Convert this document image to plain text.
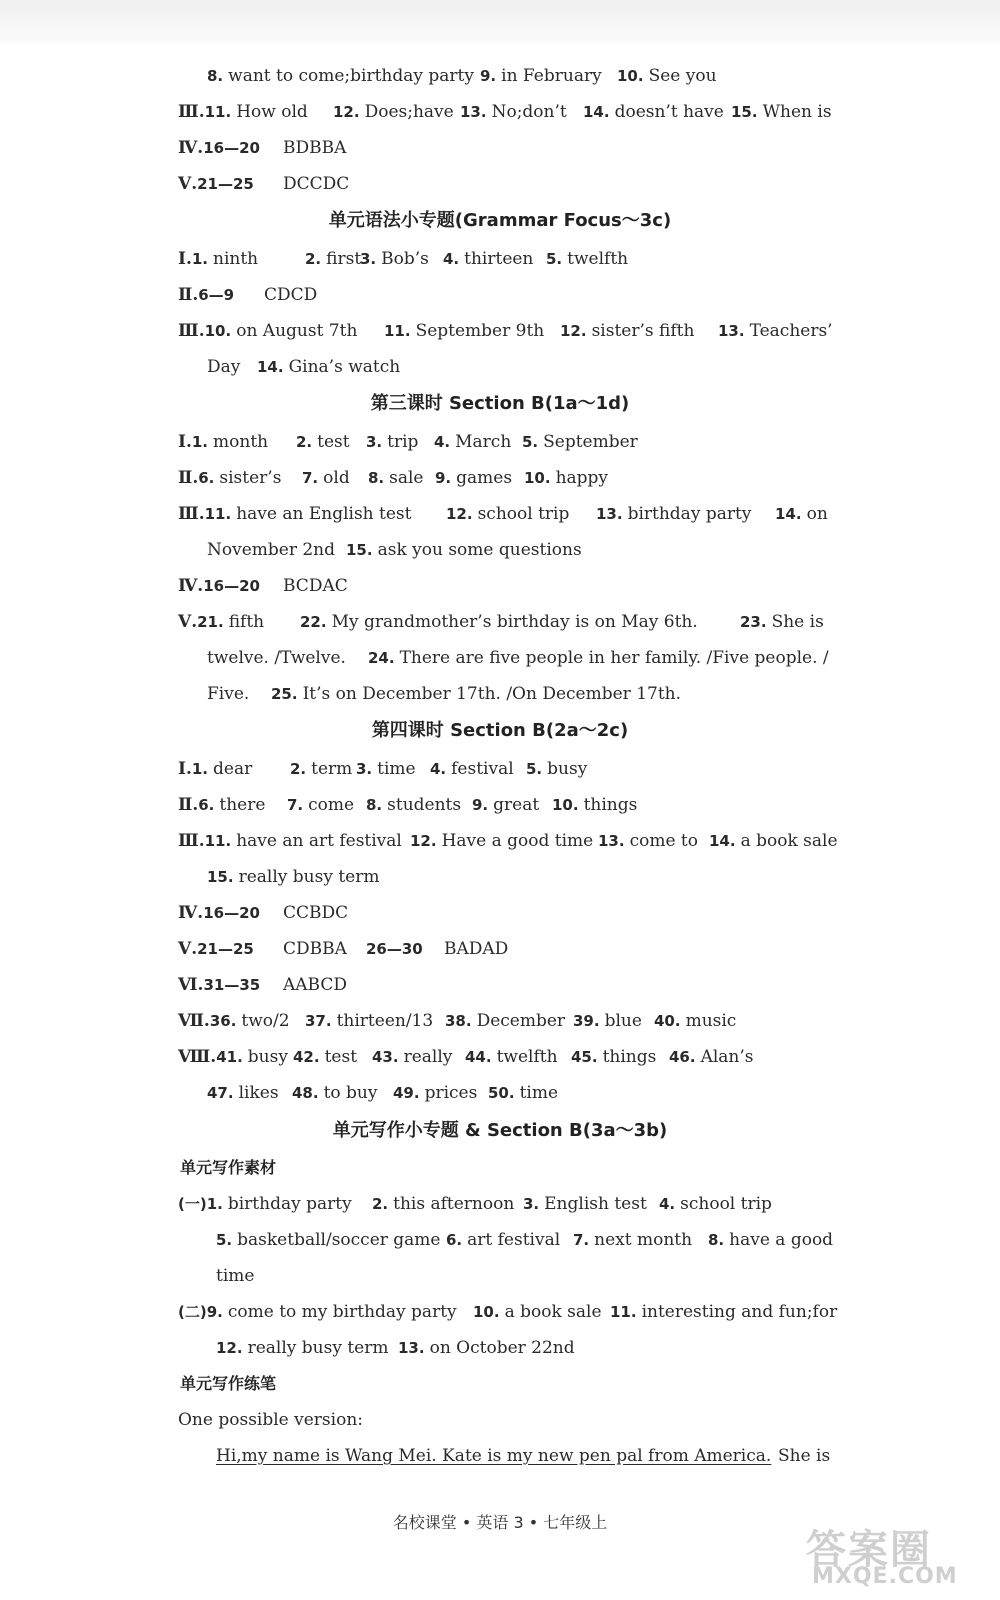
单元语法小专题(Grammar Focus～3c)
第三课时 Section B(1a～1d)
第四课时 Section B(2a～2c)
单元写作小专题 & Section B(3a～3b)
单元写作素材
单元写作练笔
8. want to come;birthday party 9. in February 10. See you
Ⅲ.11. How old 12. Does;have 13. No;don’t 14. doesn’t have 15. When is
Ⅳ.16—20 BDBBA
Ⅴ.21—25 DCCDC
Ⅰ.1. ninth	2. first
3. Bob’s 4. thirteen 5. twelfth
Ⅱ.6—9 CDCD
Ⅲ.10. on August 7th 11. September 9th 12. sister’s fifth 13. Teachers’
Day 14. Gina’s watch
Ⅰ.1. month 2. test 3. trip 4. March 5. September
Ⅱ.6. sister’s 7. old 8. sale 9. games 10. happy
Ⅲ.11. have an English test 12. school trip 13. birthday party 14. on
November 2nd 15. ask you some questions
Ⅳ.16—20 BCDAC
Ⅴ.21. fifth 22. My grandmother’s birthday is on May 6th.	23. She is
twelve. /Twelve. 24. There are five people in her family. /Five people. /
Five. 25. It’s on December 17th. /On December 17th.
Ⅰ.1. dear	2. term 3. time 4. festival 5. busy
Ⅱ.6. there 7. come 8. students 9. great 10. things
Ⅲ.11. have an art festival 12. Have a good time 13. come to 14. a book sale
15. really busy term
Ⅳ.16—20 CCBDC
Ⅴ.21—25 CDBBA 26—30 BADAD
Ⅵ.31—35 AABCD
Ⅶ.36. two/2 37. thirteen/13 38. December 39. blue 40. music
Ⅷ.41. busy 42. test 43. really 44. twelfth 45. things 46. Alan’s
47. likes 48. to buy 49. prices 50. time
(一)1. birthday party 2. this afternoon 3. English test 4. school trip
5. basketball/soccer game 6. art festival 7. next month 8. have a good
time
(二)9. come to my birthday party 10. a book sale 11. interesting and fun;for
12. really busy term 13. on October 22nd
One possible version:
Hi,my name is Wang Mei. Kate is my new pen pal from America. She is
名校课堂 • 英语 3 • 七年级上
答案圈
MXQE.COM
